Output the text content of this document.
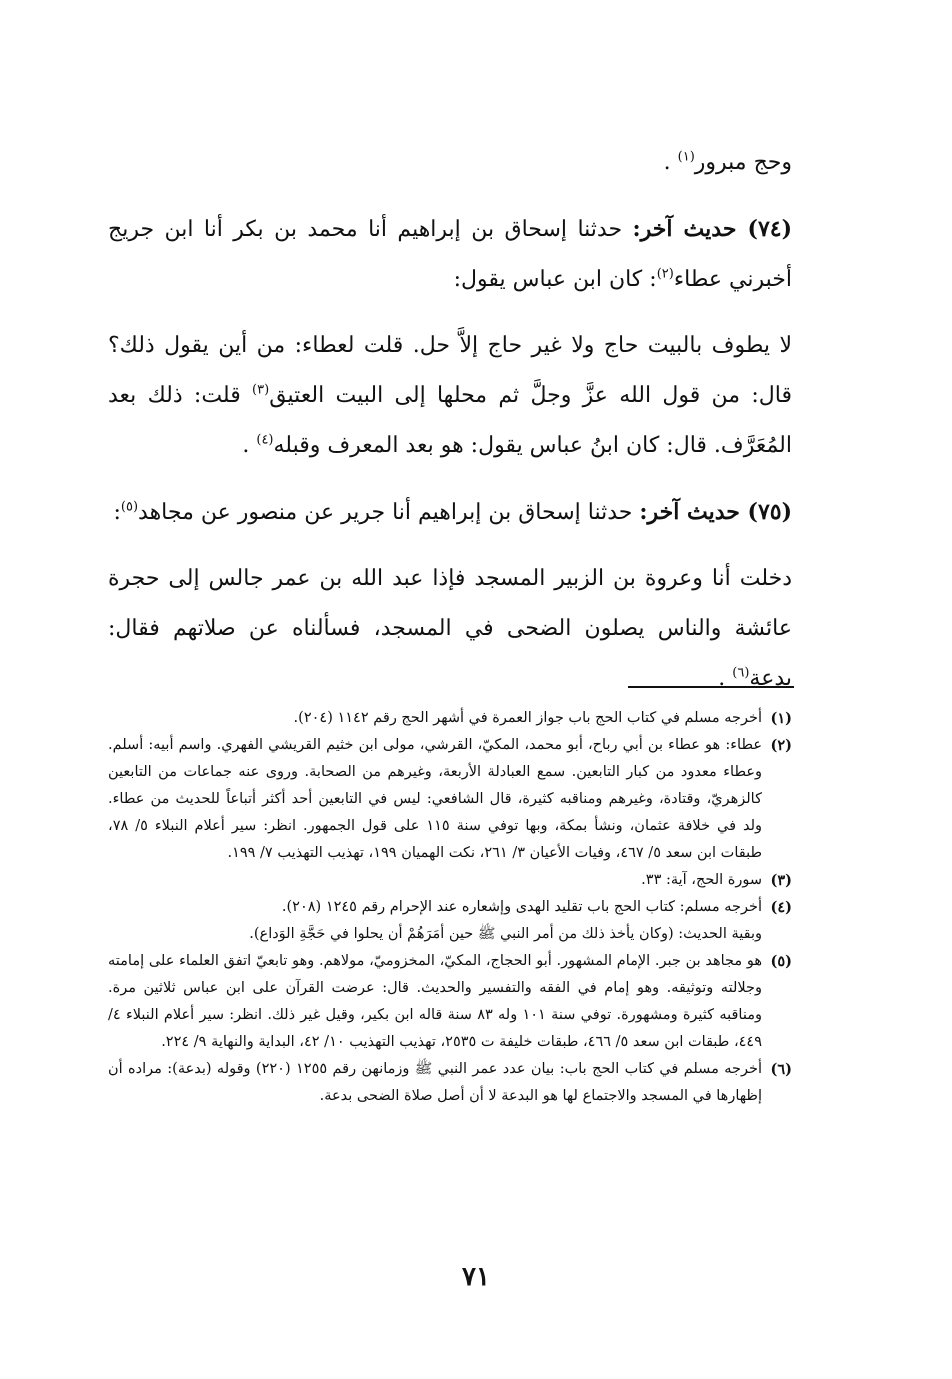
وحج مبرور$^{(١)}$ .

(٧٤) حديث آخر: حدثنا إسحاق بن إبراهيم أنا محمد بن بكر أنا ابن جريج أخبرني عطاء$^{(٢)}$: كان ابن عباس يقول:

لا يطوف بالبيت حاج ولا غير حاج إلاَّ حل. قلت لعطاء: من أين يقول ذلك؟ قال: من قول الله عزَّ وجلَّ ثم محلها إلى البيت العتيق$^{(٣)}$ قلت: ذلك بعد المُعَرَّف. قال: كان ابنُ عباس يقول: هو بعد المعرف وقبله$^{(٤)}$ .

(٧٥) حديث آخر: حدثنا إسحاق بن إبراهيم أنا جرير عن منصور عن مجاهد$^{(٥)}$:

دخلت أنا وعروة بن الزبير المسجد فإذا عبد الله بن عمر جالس إلى حجرة عائشة والناس يصلون الضحى في المسجد، فسألناه عن صلاتهم فقال: بدعة$^{(٦)}$ .

(١)

أخرجه مسلم في كتاب الحج باب جواز العمرة في أشهر الحج رقم ١١٤٢ (٢٠٤).

(٢)

عطاء: هو عطاء بن أبي رباح، أبو محمد، المكيّ، القرشي، مولى ابن خثيم القريشي الفهري. واسم أبيه: أسلم. وعطاء معدود من كبار التابعين. سمع العبادلة الأربعة، وغيرهم من الصحابة. وروى عنه جماعات من التابعين كالزهريّ، وقتادة، وغيرهم ومناقبه كثيرة، قال الشافعي: ليس في التابعين أحد أكثر أتباعاً للحديث من عطاء. ولد في خلافة عثمان، ونشأ بمكة، وبها توفي سنة ١١٥ على قول الجمهور. انظر: سير أعلام النبلاء ٥/ ٧٨، طبقات ابن سعد ٥/ ٤٦٧، وفيات الأعيان ٣/ ٢٦١، نكت الهميان ١٩٩، تهذيب التهذيب ٧/ ١٩٩.

(٣)

سورة الحج، آية: ٣٣.

(٤)

أخرجه مسلم: كتاب الحج باب تقليد الهدى وإشعاره عند الإحرام رقم ١٢٤٥ (٢٠٨).

وبقية الحديث: (وكان يأخذ ذلك من أمر النبي ﷺ حين أمَرَهُمْ أن يحلوا في حَجَّةِ الوَداع).

(٥)

هو مجاهد بن جبر. الإمام المشهور. أبو الحجاج، المكيّ، المخزوميّ، مولاهم. وهو تابعيّ اتفق العلماء على إمامته وجلالته وتوثيقه. وهو إمام في الفقه والتفسير والحديث. قال: عرضت القرآن على ابن عباس ثلاثين مرة. ومناقبه كثيرة ومشهورة. توفي سنة ١٠١ وله ٨٣ سنة قاله ابن بكير، وقيل غير ذلك. انظر: سير أعلام النبلاء ٤/ ٤٤٩، طبقات ابن سعد ٥/ ٤٦٦، طبقات خليفة ت ٢٥٣٥، تهذيب التهذيب ١٠/ ٤٢، البداية والنهاية ٩/ ٢٢٤.

(٦)

أخرجه مسلم في كتاب الحج باب: بيان عدد عمر النبي ﷺ وزمانهن رقم ١٢٥٥ (٢٢٠) وقوله (بدعة): مراده أن إظهارها في المسجد والاجتماع لها هو البدعة لا أن أصل صلاة الضحى بدعة.

٧١
